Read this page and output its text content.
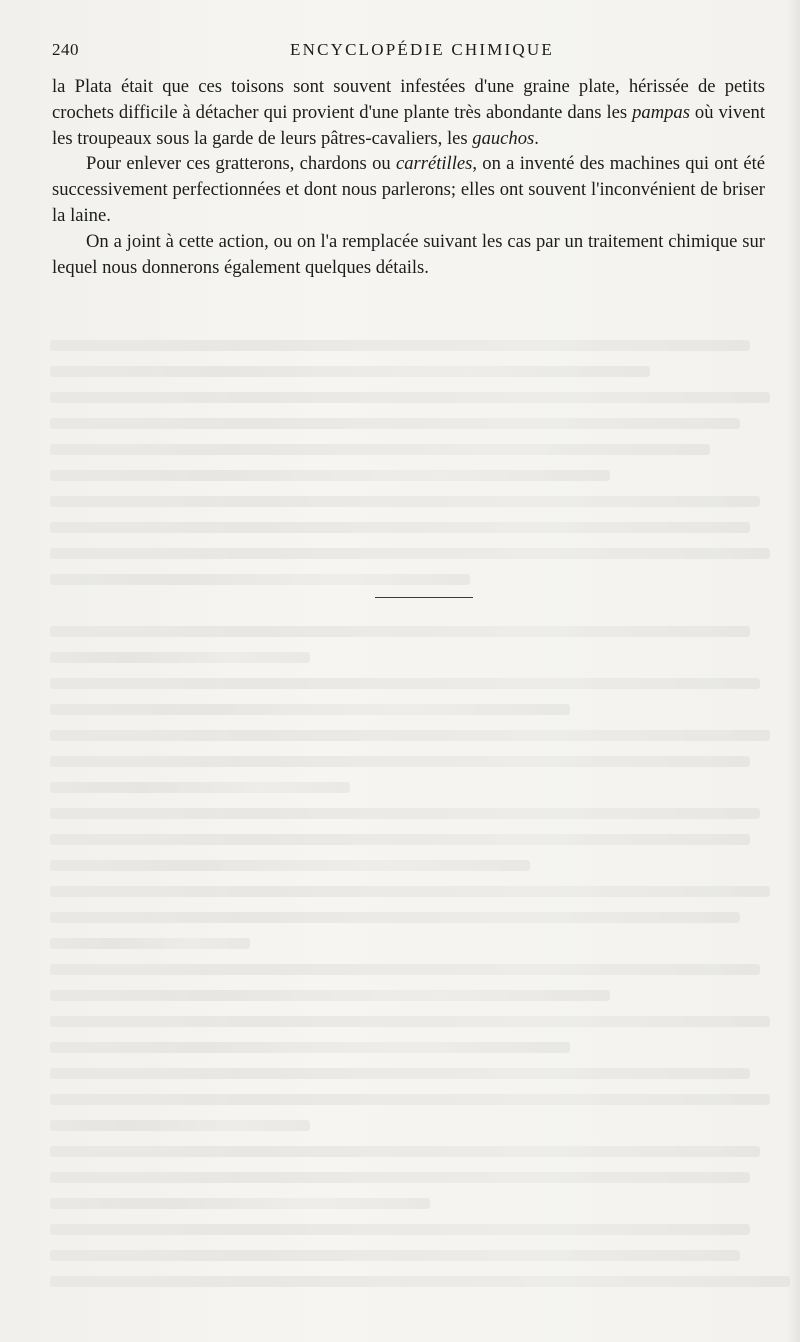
240	ENCYCLOPÉDIE CHIMIQUE

la Plata était que ces toisons sont souvent infestées d'une graine plate, hérissée de petits crochets difficile à détacher qui provient d'une plante très abondante dans les pampas où vivent les troupeaux sous la garde de leurs pâtres-cavaliers, les gauchos.

Pour enlever ces gratterons, chardons ou carrétilles, on a inventé des machines qui ont été successivement perfectionnées et dont nous parlerons; elles ont souvent l'inconvénient de briser la laine.

On a joint à cette action, ou on l'a remplacée suivant les cas par un traitement chimique sur lequel nous donnerons également quelques détails.
